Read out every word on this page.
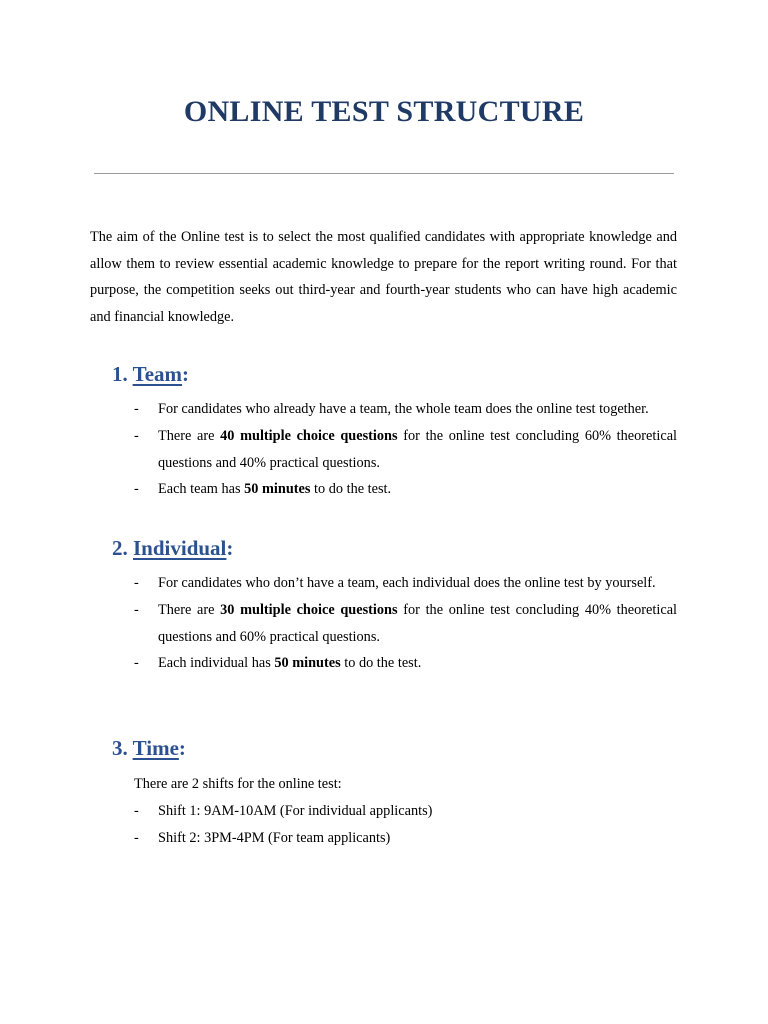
ONLINE TEST STRUCTURE

The aim of the Online test is to select the most qualified candidates with appropriate knowledge and allow them to review essential academic knowledge to prepare for the report writing round. For that purpose, the competition seeks out third-year and fourth-year students who can have high academic and financial knowledge.

1. Team:
- For candidates who already have a team, the whole team does the online test together.
- There are 40 multiple choice questions for the online test concluding 60% theoretical questions and 40% practical questions.
- Each team has 50 minutes to do the test.
2. Individual:
- For candidates who don’t have a team, each individual does the online test by yourself.
- There are 30 multiple choice questions for the online test concluding 40% theoretical questions and 60% practical questions.
- Each individual has 50 minutes to do the test.
3. Time:

There are 2 shifts for the online test:

- Shift 1: 9AM-10AM (For individual applicants)
- Shift 2: 3PM-4PM (For team applicants)
